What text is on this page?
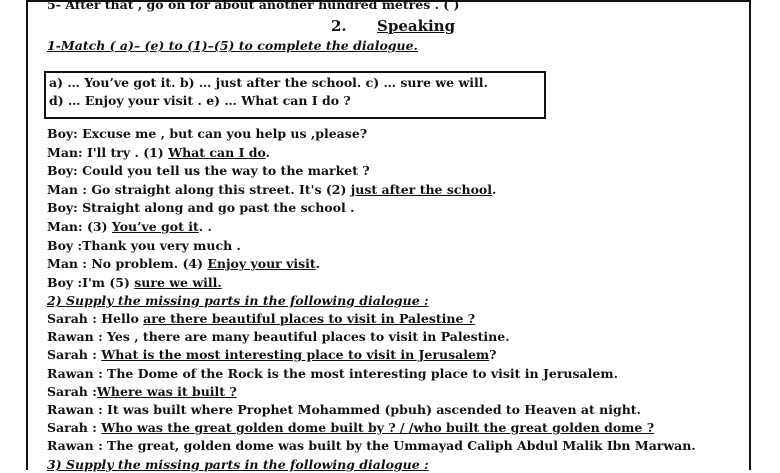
5- After that , go on for about another hundred metres . ( )
2. Speaking
1-Match ( a)– (e) to (1)–(5) to complete the dialogue.
a) … You’ve got it. b) … just after the school. c) … sure we will.
d) … Enjoy your visit . e) … What can I do ?
Boy: Excuse me , but can you help us ,please?
Man: I'll try . (1) What can I do.
Boy: Could you tell us the way to the market ?
Man : Go straight along this street. It's (2) just after the school.
Boy: Straight along and go past the school .
Man: (3) You’ve got it. .
Boy :Thank you very much .
Man : No problem. (4) Enjoy your visit.
Boy :I'm (5) sure we will.
2) Supply the missing parts in the following dialogue :
Sarah : Hello are there beautiful places to visit in Palestine ?
Rawan : Yes , there are many beautiful places to visit in Palestine.
Sarah : What is the most interesting place to visit in Jerusalem?
Rawan : The Dome of the Rock is the most interesting place to visit in Jerusalem.
Sarah :Where was it built ?
Rawan : It was built where Prophet Mohammed (pbuh) ascended to Heaven at night.
Sarah : Who was the great golden dome built by ? / /who built the great golden dome ?
Rawan : The great, golden dome was built by the Ummayad Caliph Abdul Malik Ibn Marwan.
3) Supply the missing parts in the following dialogue :
